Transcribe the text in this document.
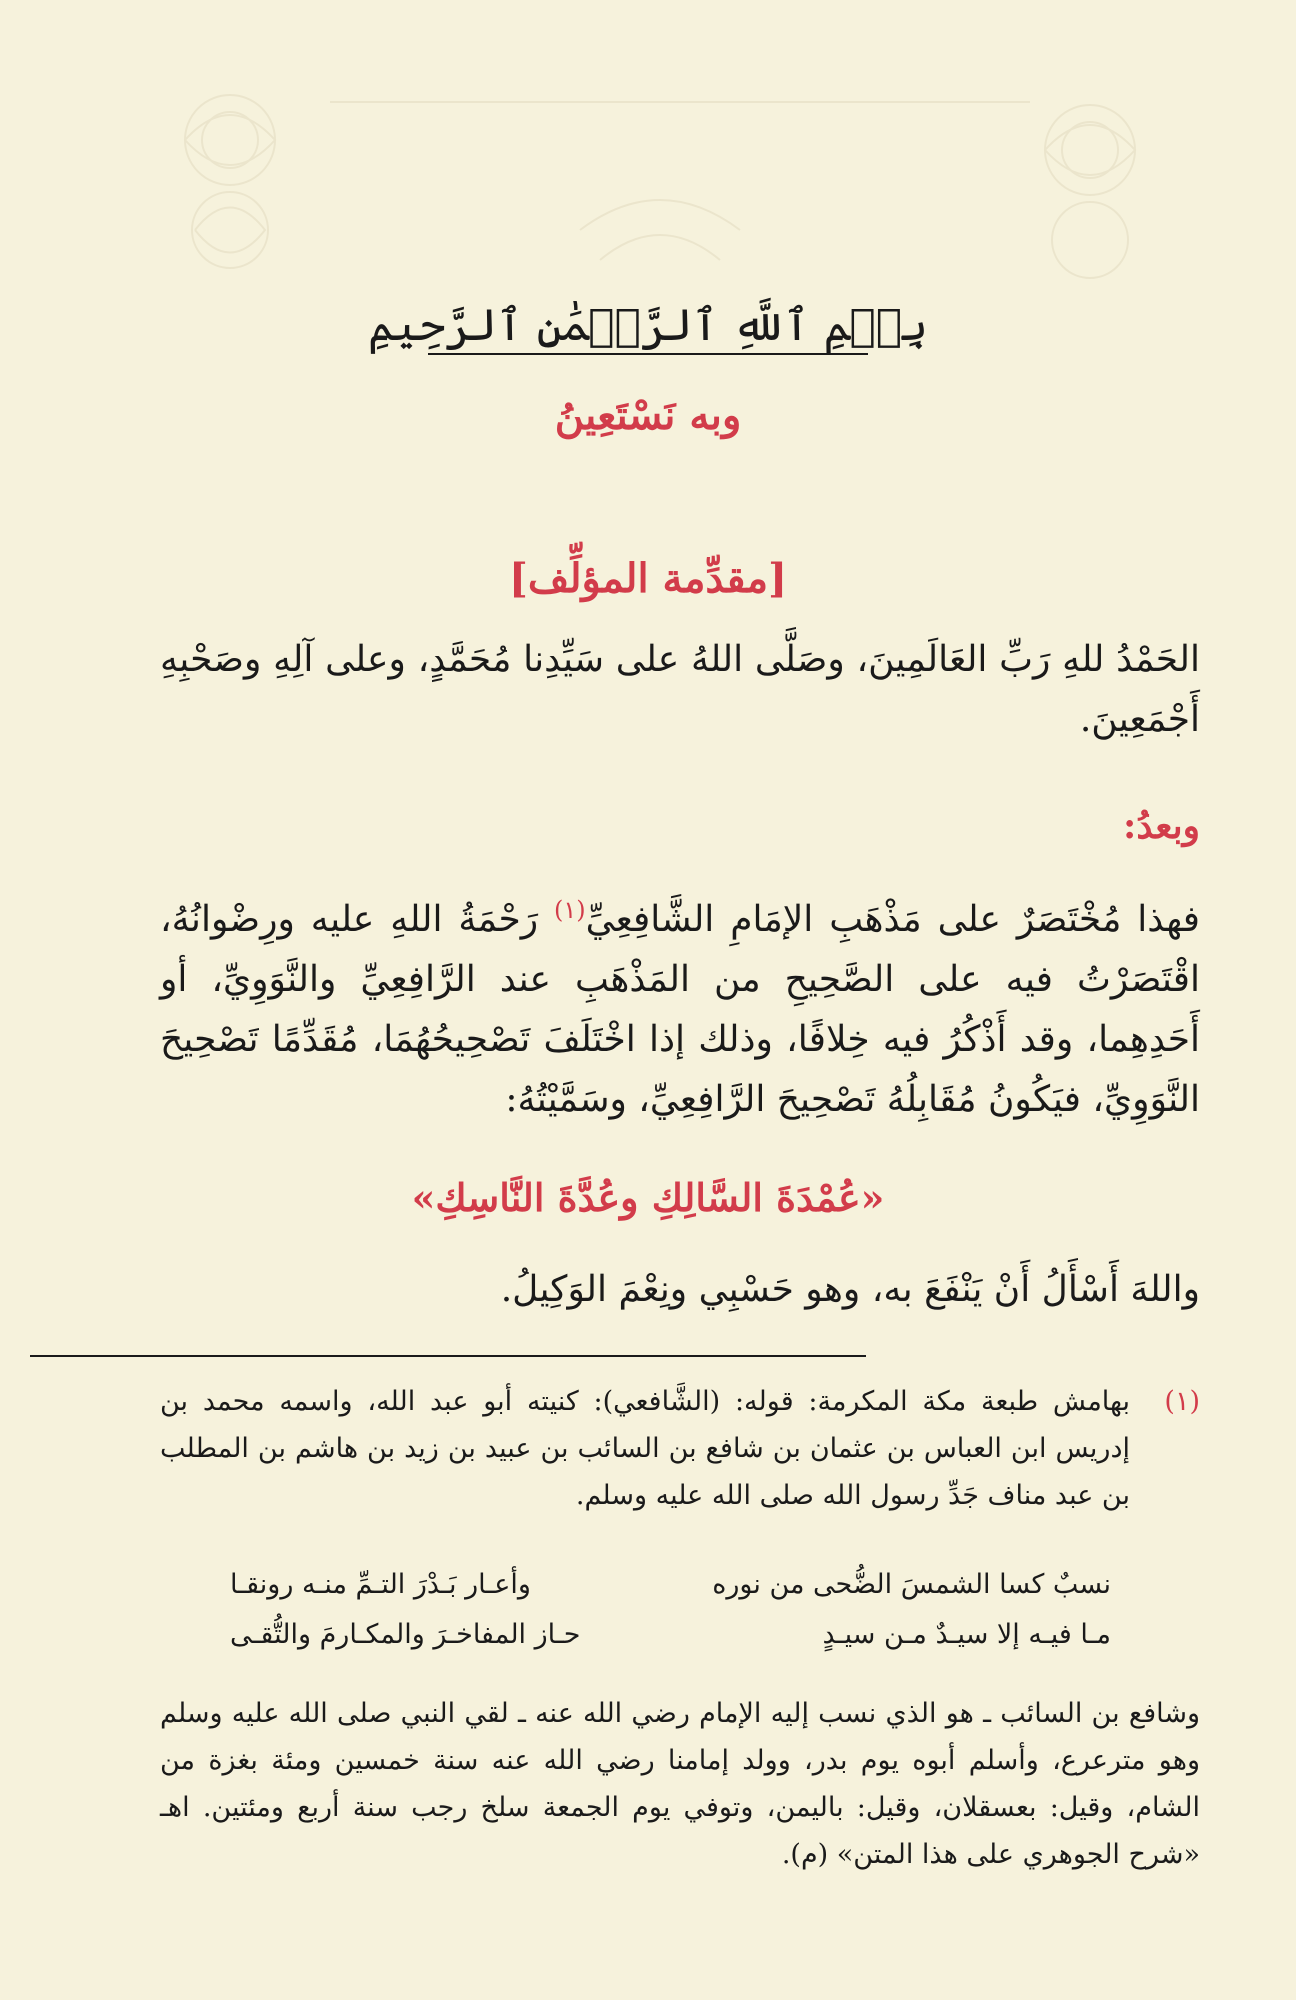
بِسۡمِ ٱللَّهِ ٱلرَّحۡمَٰنِ ٱلرَّحِيمِ
وبه نَسْتَعِينُ
[مقدِّمة المؤلِّف]
الحَمْدُ للهِ رَبِّ العَالَمِينَ، وصَلَّى اللهُ على سَيِّدِنا مُحَمَّدٍ، وعلى آلِهِ وصَحْبِهِ أَجْمَعِينَ.
وبعدُ:
فهذا مُخْتَصَرٌ على مَذْهَبِ الإمَامِ الشَّافِعِيِّ$^{(١)}$ رَحْمَةُ اللهِ عليه ورِضْوانُهُ، اقْتَصَرْتُ فيه على الصَّحِيحِ من المَذْهَبِ عند الرَّافِعِيِّ والنَّوَوِيِّ، أو أَحَدِهِما، وقد أَذْكُرُ فيه خِلافًا، وذلك إذا اخْتَلَفَ تَصْحِيحُهُمَا، مُقَدِّمًا تَصْحِيحَ النَّوَوِيِّ، فيَكُونُ مُقَابِلُهُ تَصْحِيحَ الرَّافِعِيِّ، وسَمَّيْتُهُ:
«عُمْدَةَ السَّالِكِ وعُدَّةَ النَّاسِكِ»
واللهَ أَسْأَلُ أَنْ يَنْفَعَ به، وهو حَسْبِي ونِعْمَ الوَكِيلُ.
(١)
بهامش طبعة مكة المكرمة: قوله: (الشَّافعي): كنيته أبو عبد الله، واسمه محمد بن إدريس ابن العباس بن عثمان بن شافع بن السائب بن عبيد بن زيد بن هاشم بن المطلب بن عبد مناف جَدِّ رسول الله صلى الله عليه وسلم.
نسبٌ كسا الشمسَ الضُّحى من نوره
وأعـار بَـدْرَ التـمِّ منـه رونقـا
مـا فيـه إلا سيـدٌ مـن سيـدٍ
حـاز المفاخـرَ والمكـارمَ والتُّقـى
وشافع بن السائب ـ هو الذي نسب إليه الإمام رضي الله عنه ـ لقي النبي صلى الله عليه وسلم وهو مترعرع، وأسلم أبوه يوم بدر، وولد إمامنا رضي الله عنه سنة خمسين ومئة بغزة من الشام، وقيل: بعسقلان، وقيل: باليمن، وتوفي يوم الجمعة سلخ رجب سنة أربع ومئتين. اهـ «شرح الجوهري على هذا المتن» (م).
